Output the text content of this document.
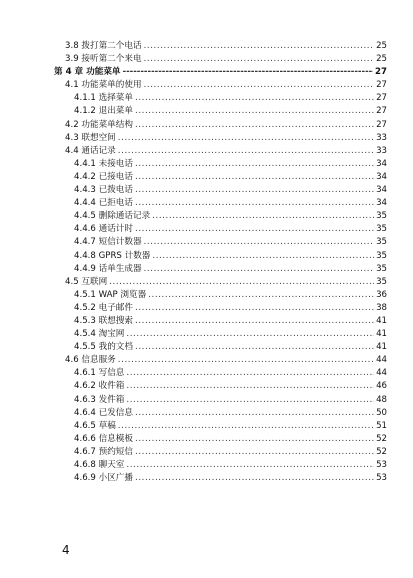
3.8 拨打第二个电话 .....	25
3.9 接听第二个来电 .....	25
第 4 章 功能菜单 -----	27
4.1 功能菜单的使用 .....	27
4.1.1 选择菜单 .....	27
4.1.2 退出菜单 .....	27
4.2 功能菜单结构 .....	27
4.3 联想空间 .....	33
4.4 通话记录 .....	33
4.4.1 未接电话 .....	34
4.4.2 已接电话 .....	34
4.4.3 已拨电话 .....	34
4.4.4 已拒电话 .....	34
4.4.5 删除通话记录 .....	35
4.4.6 通话计时 .....	35
4.4.7 短信计数器 .....	35
4.4.8 GPRS 计数器 .....	35
4.4.9 话单生成器 .....	35
4.5 互联网 .....	35
4.5.1 WAP 浏览器 .....	36
4.5.2 电子邮件 .....	38
4.5.3 联想搜索 .....	41
4.5.4 淘宝网 .....	41
4.5.5 我的文档 .....	41
4.6 信息服务 .....	44
4.6.1 写信息 .....	44
4.6.2 收件箱 .....	46
4.6.3 发件箱 .....	48
4.6.4 已发信息 .....	50
4.6.5 草稿 .....	51
4.6.6 信息模板 .....	52
4.6.7 预约短信 .....	52
4.6.8 聊天室 .....	53
4.6.9 小区广播 .....	53
4
